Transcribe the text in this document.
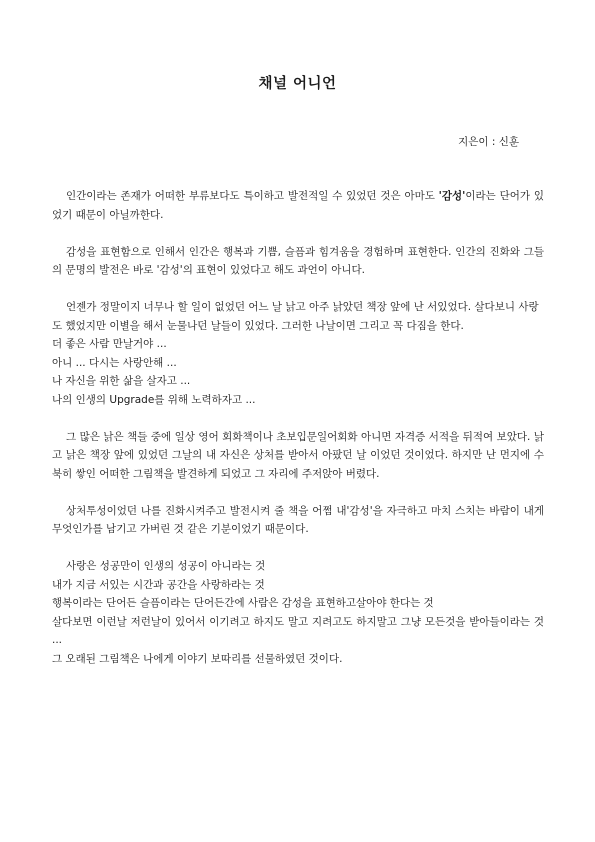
채널 어니언

지은이 : 신훈

인간이라는 존재가 어떠한 부류보다도 특이하고 발전적일 수 있었던 것은 아마도 '감성'이라는 단어가 있었기 때문이 아닐까한다.

감성을 표현함으로 인해서 인간은 행복과 기쁨, 슬픔과 힘겨움을 경험하며 표현한다. 인간의 진화와 그들의 문명의 발전은 바로 '감성'의 표현이 있었다고 해도 과언이 아니다.

언젠가 정말이지 너무나 할 일이 없었던 어느 날 낡고 아주 낡았던 책장 앞에 난 서있었다. 살다보니 사랑도 했었지만 이별을 해서 눈물나던 날들이 있었다. 그러한 나날이면 그리고 꼭 다짐을 한다.
더 좋은 사람 만날거야 ...
아니 ... 다시는 사랑안해 ...
나 자신을 위한 삶을 살자고 ...
나의 인생의 Upgrade를 위해 노력하자고 ...

그 많은 낡은 책들 중에 일상 영어 회화책이나 초보입문일어회화 아니면 자격증 서적을 뒤적여 보았다. 낡고 낡은 책장 앞에 있었던 그날의 내 자신은 상처를 받아서 아팠던 날 이었던 것이었다. 하지만 난 먼지에 수북히 쌓인 어떠한 그림책을 발견하게 되었고 그 자리에 주저앉아 버렸다.

상처투성이었던 나를 진화시켜주고 발전시켜 줄 책을 어쩜 내'감성'을 자극하고 마치 스치는 바람이 내게 무엇인가를 남기고 가버린 것 같은 기분이었기 때문이다.

사랑은 성공만이 인생의 성공이 아니라는 것
내가 지금 서있는 시간과 공간을 사랑하라는 것
행복이라는 단어든 슬픔이라는 단어든간에 사람은 감성을 표현하고살아야 한다는 것
살다보면 이런날 저런날이 있어서 이기려고 하지도 말고 지려고도 하지말고 그냥 모든것을 받아들이라는 것 ...
그 오래된 그림책은 나에게 이야기 보따리를 선물하였던 것이다.
